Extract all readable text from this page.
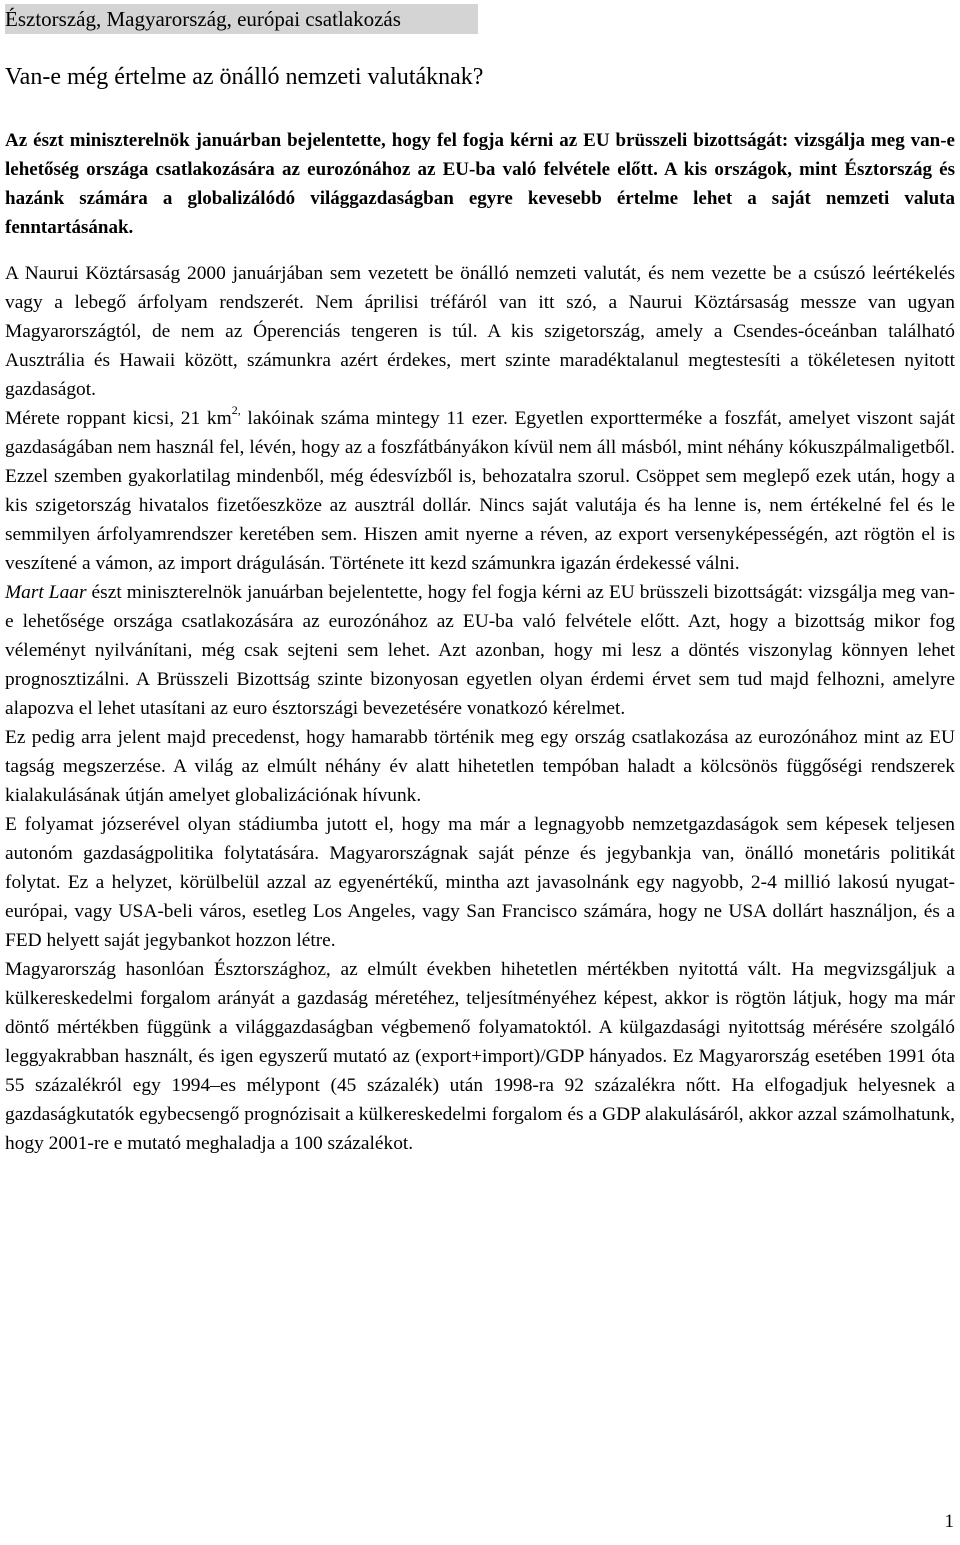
Észtország, Magyarország, európai csatlakozás
Van-e még értelme az önálló nemzeti valutáknak?

Az észt miniszterelnök januárban bejelentette, hogy fel fogja kérni az EU brüsszeli bizottságát: vizsgálja meg van-e lehetőség országa csatlakozására az eurozónához az EU-ba való felvétele előtt. A kis országok, mint Észtország és hazánk számára a globalizálódó világgazdaságban egyre kevesebb értelme lehet a saját nemzeti valuta fenntartásának.

A Naurui Köztársaság 2000 januárjában sem vezetett be önálló nemzeti valutát, és nem vezette be a csúszó leértékelés vagy a lebegő árfolyam rendszerét. Nem áprilisi tréfáról van itt szó, a Naurui Köztársaság messze van ugyan Magyarországtól, de nem az Óperenciás tengeren is túl. A kis szigetország, amely a Csendes-óceánban található Ausztrália és Hawaii között, számunkra azért érdekes, mert szinte maradéktalanul megtestesíti a tökéletesen nyitott gazdaságot.

Mérete roppant kicsi, 21 $km^{2,}$ lakóinak száma mintegy 11 ezer. Egyetlen exportterméke a foszfát, amelyet viszont saját gazdaságában nem használ fel, lévén, hogy az a foszfátbányákon kívül nem áll másból, mint néhány kókuszpálmaligetből. Ezzel szemben gyakorlatilag mindenből, még édesvízből is, behozatalra szorul. Csöppet sem meglepő ezek után, hogy a kis szigetország hivatalos fizetőeszköze az ausztrál dollár. Nincs saját valutája és ha lenne is, nem értékelné fel és le semmilyen árfolyamrendszer keretében sem. Hiszen amit nyerne a réven, az export versenyképességén, azt rögtön el is veszítené a vámon, az import drágulásán. Története itt kezd számunkra igazán érdekessé válni.

Mart Laar észt miniszterelnök januárban bejelentette, hogy fel fogja kérni az EU brüsszeli bizottságát: vizsgálja meg van-e lehetősége országa csatlakozására az eurozónához az EU-ba való felvétele előtt. Azt, hogy a bizottság mikor fog véleményt nyilvánítani, még csak sejteni sem lehet. Azt azonban, hogy mi lesz a döntés viszonylag könnyen lehet prognosztizálni. A Brüsszeli Bizottság szinte bizonyosan egyetlen olyan érdemi érvet sem tud majd felhozni, amelyre alapozva el lehet utasítani az euro észtországi bevezetésére vonatkozó kérelmet.

Ez pedig arra jelent majd precedenst, hogy hamarabb történik meg egy ország csatlakozása az eurozónához mint az EU tagság megszerzése. A világ az elmúlt néhány év alatt hihetetlen tempóban haladt a kölcsönös függőségi rendszerek kialakulásának útján amelyet globalizációnak hívunk.

E folyamat józserével olyan stádiumba jutott el, hogy ma már a legnagyobb nemzetgazdaságok sem képesek teljesen autonóm gazdaságpolitika folytatására. Magyarországnak saját pénze és jegybankja van, önálló monetáris politikát folytat. Ez a helyzet, körülbelül azzal az egyenértékű, mintha azt javasolnánk egy nagyobb, 2-4 millió lakosú nyugat-európai, vagy USA-beli város, esetleg Los Angeles, vagy San Francisco számára, hogy ne USA dollárt használjon, és a FED helyett saját jegybankot hozzon létre.

Magyarország hasonlóan Észtországhoz, az elmúlt években hihetetlen mértékben nyitottá vált. Ha megvizsgáljuk a külkereskedelmi forgalom arányát a gazdaság méretéhez, teljesítményéhez képest, akkor is rögtön látjuk, hogy ma már döntő mértékben függünk a világgazdaságban végbemenő folyamatoktól. A külgazdasági nyitottság mérésére szolgáló leggyakrabban használt, és igen egyszerű mutató az (export+import)/GDP hányados. Ez Magyarország esetében 1991 óta 55 százalékról egy 1994–es mélypont (45 százalék) után 1998-ra 92 százalékra nőtt. Ha elfogadjuk helyesnek a gazdaságkutatók egybecsengő prognózisait a külkereskedelmi forgalom és a GDP alakulásáról, akkor azzal számolhatunk, hogy 2001-re e mutató meghaladja a 100 százalékot.

1
